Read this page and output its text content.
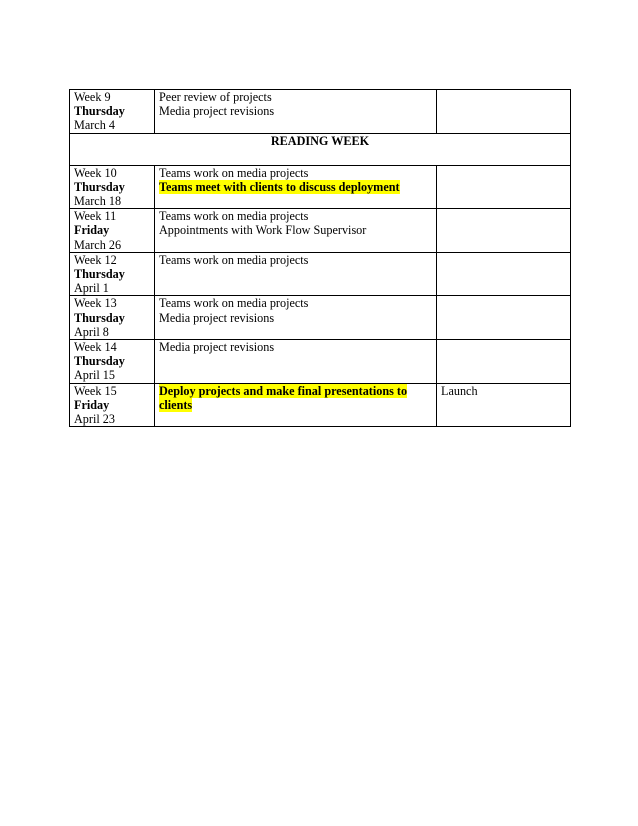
Week 9
Thursday
March 4	Peer review of projects
Media project revisions	

READING WEEK		

Week 10
Thursday
March 18	Teams work on media projects
Teams meet with clients to discuss deployment	

Week 11
Friday
March 26	Teams work on media projects
Appointments with Work Flow Supervisor	

Week 12
Thursday
April 1	Teams work on media projects	

Week 13
Thursday
April 8	Teams work on media projects
Media project revisions	

Week 14
Thursday
April 15	Media project revisions	

Week 15
Friday
April 23	Deploy projects and make final presentations to clients	Launch
